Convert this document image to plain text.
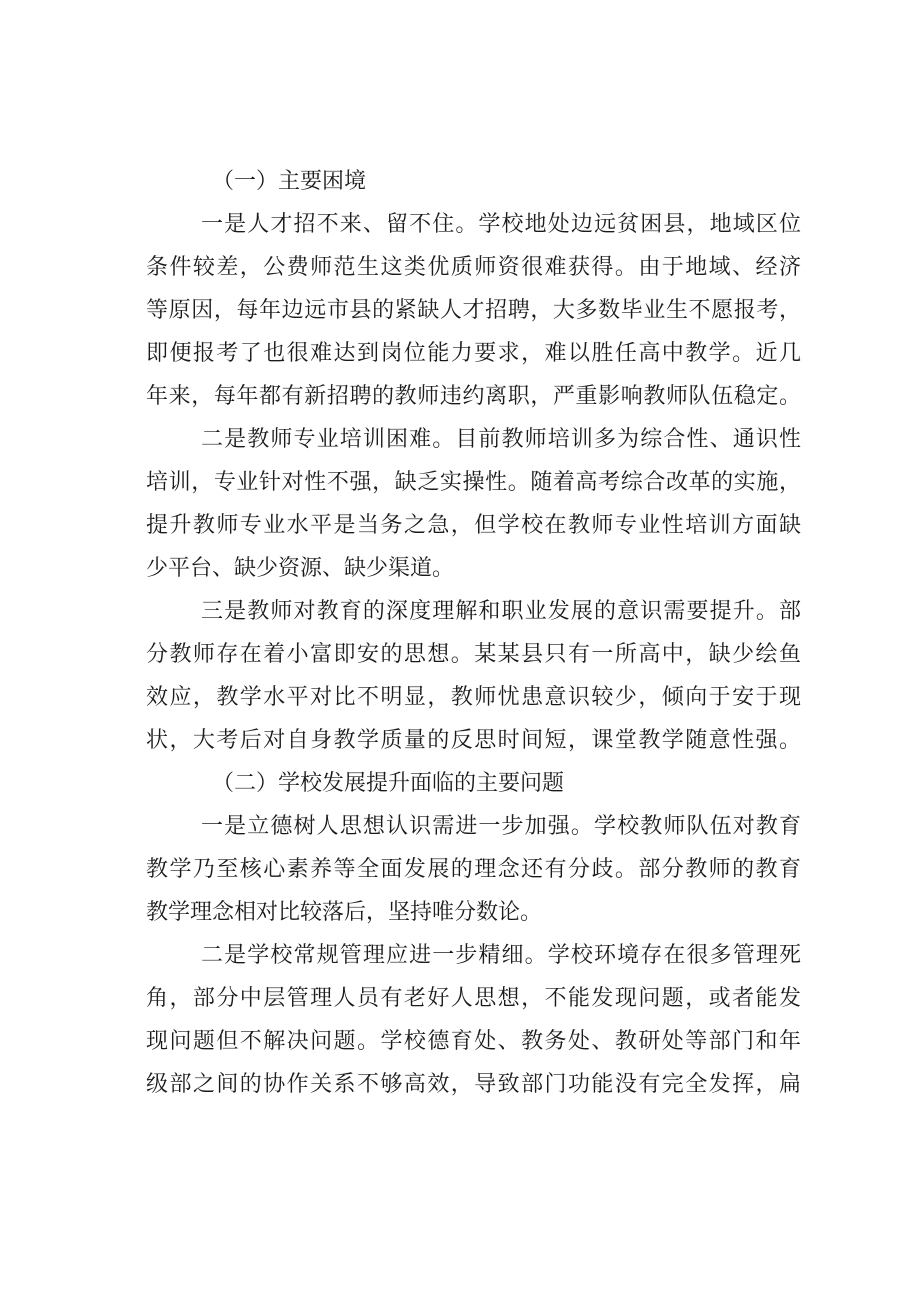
（一）主要困境
一是人才招不来、留不住。学校地处边远贫困县，地域区位
条件较差，公费师范生这类优质师资很难获得。由于地域、经济
等原因，每年边远市县的紧缺人才招聘，大多数毕业生不愿报考，
即便报考了也很难达到岗位能力要求，难以胜任高中教学。近几
年来，每年都有新招聘的教师违约离职，严重影响教师队伍稳定。
二是教师专业培训困难。目前教师培训多为综合性、通识性
培训，专业针对性不强，缺乏实操性。随着高考综合改革的实施，
提升教师专业水平是当务之急，但学校在教师专业性培训方面缺
少平台、缺少资源、缺少渠道。
三是教师对教育的深度理解和职业发展的意识需要提升。部
分教师存在着小富即安的思想。某某县只有一所高中，缺少绘鱼
效应，教学水平对比不明显，教师忧患意识较少，倾向于安于现
状，大考后对自身教学质量的反思时间短，课堂教学随意性强。
（二）学校发展提升面临的主要问题
一是立德树人思想认识需进一步加强。学校教师队伍对教育
教学乃至核心素养等全面发展的理念还有分歧。部分教师的教育
教学理念相对比较落后，坚持唯分数论。
二是学校常规管理应进一步精细。学校环境存在很多管理死
角，部分中层管理人员有老好人思想，不能发现问题，或者能发
现问题但不解决问题。学校德育处、教务处、教研处等部门和年
级部之间的协作关系不够高效，导致部门功能没有完全发挥，扁
